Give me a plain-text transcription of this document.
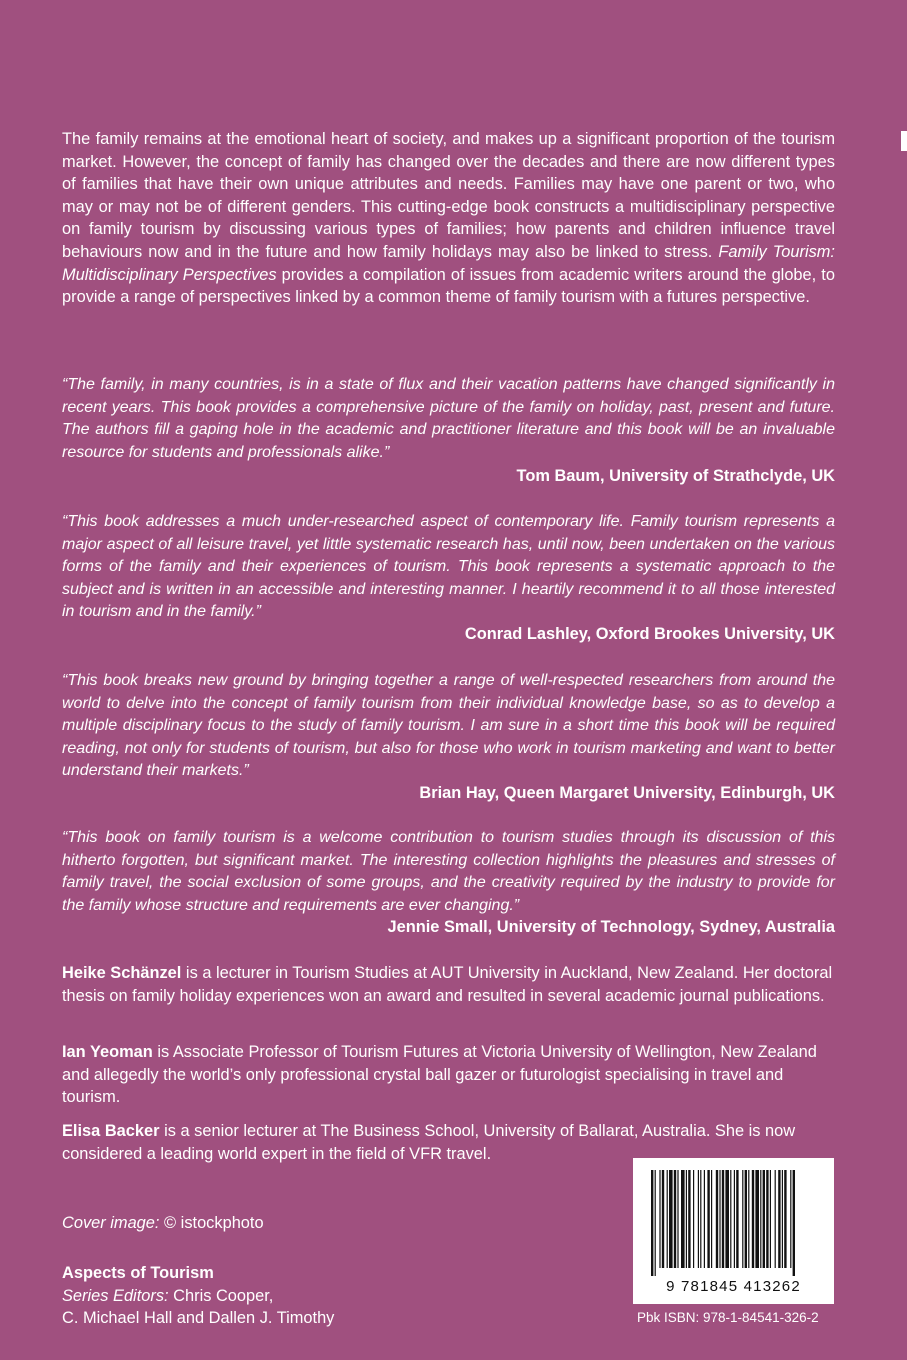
The family remains at the emotional heart of society, and makes up a significant proportion of the tourism market. However, the concept of family has changed over the decades and there are now different types of families that have their own unique attributes and needs. Families may have one parent or two, who may or may not be of different genders. This cutting-edge book constructs a multidisciplinary perspective on family tourism by discussing various types of families; how parents and children influence travel behaviours now and in the future and how family holidays may also be linked to stress. Family Tourism: Multidisciplinary Perspectives provides a compilation of issues from academic writers around the globe, to provide a range of perspectives linked by a common theme of family tourism with a futures perspective.
“The family, in many countries, is in a state of flux and their vacation patterns have changed significantly in recent years. This book provides a comprehensive picture of the family on holiday, past, present and future. The authors fill a gaping hole in the academic and practitioner literature and this book will be an invaluable resource for students and professionals alike.”
Tom Baum, University of Strathclyde, UK
“This book addresses a much under-researched aspect of contemporary life. Family tourism represents a major aspect of all leisure travel, yet little systematic research has, until now, been undertaken on the various forms of the family and their experiences of tourism. This book represents a systematic approach to the subject and is written in an accessible and interesting manner. I heartily recommend it to all those interested in tourism and in the family.”
Conrad Lashley, Oxford Brookes University, UK
“This book breaks new ground by bringing together a range of well-respected researchers from around the world to delve into the concept of family tourism from their individual knowledge base, so as to develop a multiple disciplinary focus to the study of family tourism. I am sure in a short time this book will be required reading, not only for students of tourism, but also for those who work in tourism marketing and want to better understand their markets.”
Brian Hay, Queen Margaret University, Edinburgh, UK
“This book on family tourism is a welcome contribution to tourism studies through its discussion of this hitherto forgotten, but significant market. The interesting collection highlights the pleasures and stresses of family travel, the social exclusion of some groups, and the creativity required by the industry to provide for the family whose structure and requirements are ever changing.”
Jennie Small, University of Technology, Sydney, Australia
Heike Schänzel is a lecturer in Tourism Studies at AUT University in Auckland, New Zealand. Her doctoral thesis on family holiday experiences won an award and resulted in several academic journal publications.
Ian Yeoman is Associate Professor of Tourism Futures at Victoria University of Wellington, New Zealand and allegedly the world’s only professional crystal ball gazer or futurologist specialising in travel and tourism.
Elisa Backer is a senior lecturer at The Business School, University of Ballarat, Australia. She is now considered a leading world expert in the field of VFR travel.
Cover image: © istockphoto
Aspects of Tourism
Series Editors: Chris Cooper,
C. Michael Hall and Dallen J. Timothy
9 781845 413262
Pbk ISBN: 978-1-84541-326-2
